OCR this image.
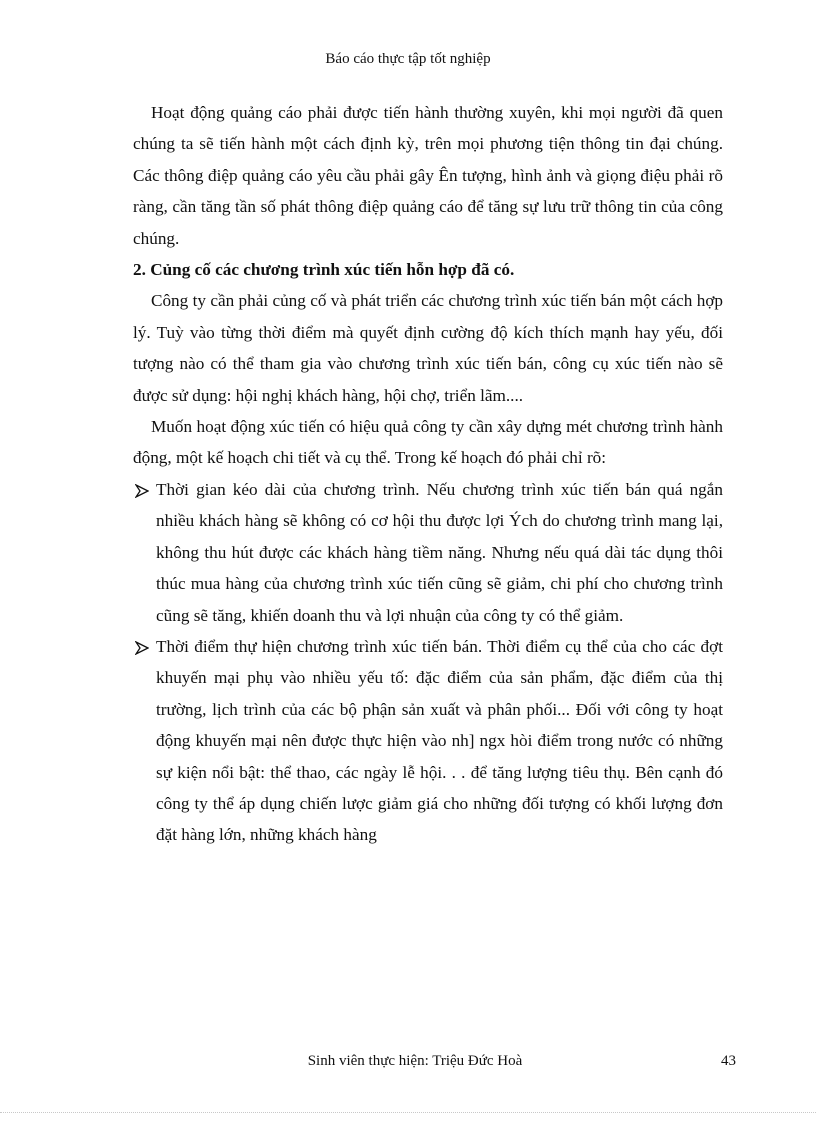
Báo cáo thực tập tốt nghiệp

Hoạt động quảng cáo phải được tiến hành thường xuyên, khi mọi người đã quen chúng ta sẽ tiến hành một cách định kỳ, trên mọi phương tiện thông tin đại chúng. Các thông điệp quảng cáo yêu cầu phải gây Ên tượng, hình ảnh và giọng điệu phải rõ ràng, cần tăng tần số phát thông điệp quảng cáo để tăng sự lưu trữ thông tin của công chúng.

2. Củng cố các chương trình xúc tiến hỗn hợp đã có.

Công ty cần phải củng cố và phát triển các chương trình xúc tiến bán một cách hợp lý. Tuỳ vào từng thời điểm mà quyết định cường độ kích thích mạnh hay yếu, đối tượng nào có thể tham gia vào chương trình xúc tiến bán, công cụ xúc tiến nào sẽ được sử dụng: hội nghị khách hàng, hội chợ, triển lãm....

Muốn hoạt động xúc tiến có hiệu quả công ty cần xây dựng mét chương trình hành động, một kế hoạch chi tiết và cụ thể. Trong kế hoạch đó phải chỉ rõ:

Thời gian kéo dài của chương trình. Nếu chương trình xúc tiến bán quá ngắn nhiều khách hàng sẽ không có cơ hội thu được lợi Ých do chương trình mang lại, không thu hút được các khách hàng tiềm năng. Nhưng nếu quá dài tác dụng thôi thúc mua hàng của chương trình xúc tiến cũng sẽ giảm, chi phí cho chương trình cũng sẽ tăng, khiến doanh thu và lợi nhuận của công ty có thể giảm.
Thời điểm thự hiện chương trình xúc tiến bán. Thời điểm cụ thể của cho các đợt khuyến mại phụ vào nhiều yếu tố: đặc điểm của sản phẩm, đặc điểm của thị trường, lịch trình của các bộ phận sản xuất và phân phối... Đối với công ty hoạt động khuyến mại nên được thực hiện vào nh] ngx hòi điểm trong nước có những sự kiện nổi bật: thể thao, các ngày lễ hội. . . để tăng lượng tiêu thụ. Bên cạnh đó công ty thể áp dụng chiến lược giảm giá cho những đối tượng có khối lượng đơn đặt hàng lớn, những khách hàng
Sinh viên thực hiện: Triệu Đức Hoà	43
